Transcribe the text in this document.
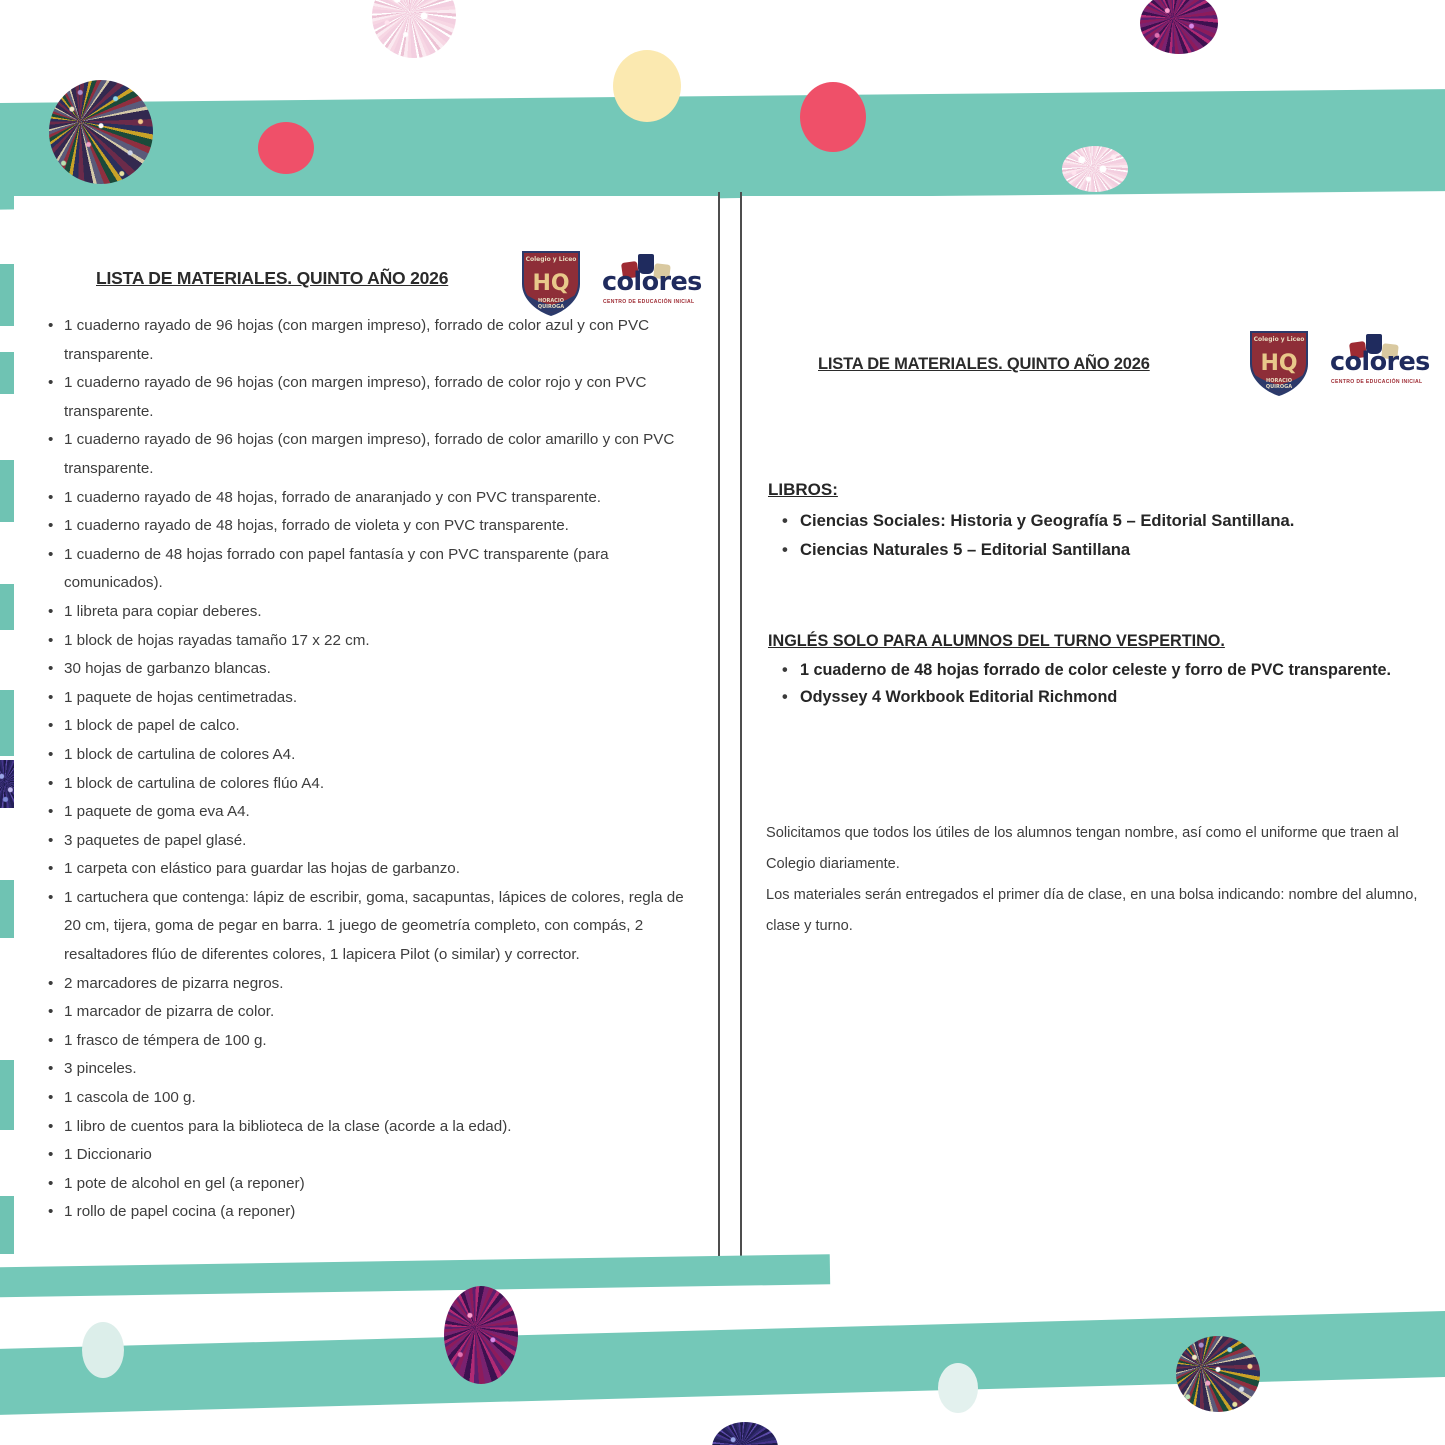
LISTA DE MATERIALES. QUINTO AÑO 2026
Colegio y Liceo
HQ
HORACIO
QUIROGA
colores
CENTRO DE EDUCACIÓN INICIAL
• 1 cuaderno rayado de 96 hojas (con margen impreso), forrado de color azul y con PVC transparente.
• 1 cuaderno rayado de 96 hojas (con margen impreso), forrado de color rojo y con PVC transparente.
• 1 cuaderno rayado de 96 hojas (con margen impreso), forrado de color amarillo y con PVC transparente.
• 1 cuaderno rayado de 48 hojas, forrado de anaranjado y con PVC transparente.
• 1 cuaderno rayado de 48 hojas, forrado de violeta y con PVC transparente.
• 1 cuaderno de 48 hojas forrado con papel fantasía y con PVC transparente (para comunicados).
• 1 libreta para copiar deberes.
• 1 block de hojas rayadas tamaño 17 x 22 cm.
• 30 hojas de garbanzo blancas.
• 1 paquete de hojas centimetradas.
• 1 block de papel de calco.
• 1 block de cartulina de colores A4.
• 1 block de cartulina de colores flúo A4.
• 1 paquete de goma eva A4.
• 3 paquetes de papel glasé.
• 1 carpeta con elástico para guardar las hojas de garbanzo.
• 1 cartuchera que contenga: lápiz de escribir, goma, sacapuntas, lápices de colores, regla de 20 cm, tijera, goma de pegar en barra. 1 juego de geometría completo, con compás, 2 resaltadores flúo de diferentes colores, 1 lapicera Pilot (o similar) y corrector.
• 2 marcadores de pizarra negros.
• 1 marcador de pizarra de color.
• 1 frasco de témpera de 100 g.
• 3 pinceles.
• 1 cascola de 100 g.
• 1 libro de cuentos para la biblioteca de la clase (acorde a la edad).
• 1 Diccionario
• 1 pote de alcohol en gel (a reponer)
• 1 rollo de papel cocina (a reponer)
LISTA DE MATERIALES. QUINTO AÑO 2026
Colegio y Liceo
HQ
HORACIO
QUIROGA
colores
CENTRO DE EDUCACIÓN INICIAL
LIBROS:
• Ciencias Sociales: Historia y Geografía 5 – Editorial Santillana.
• Ciencias Naturales 5 – Editorial Santillana
INGLÉS SOLO PARA ALUMNOS DEL TURNO VESPERTINO.
• 1 cuaderno de 48 hojas forrado de color celeste y forro de PVC transparente.
• Odyssey 4 Workbook Editorial Richmond

Solicitamos que todos los útiles de los alumnos tengan nombre, así como el uniforme que traen al Colegio diariamente.

Los materiales serán entregados el primer día de clase, en una bolsa indicando: nombre del alumno, clase y turno.
